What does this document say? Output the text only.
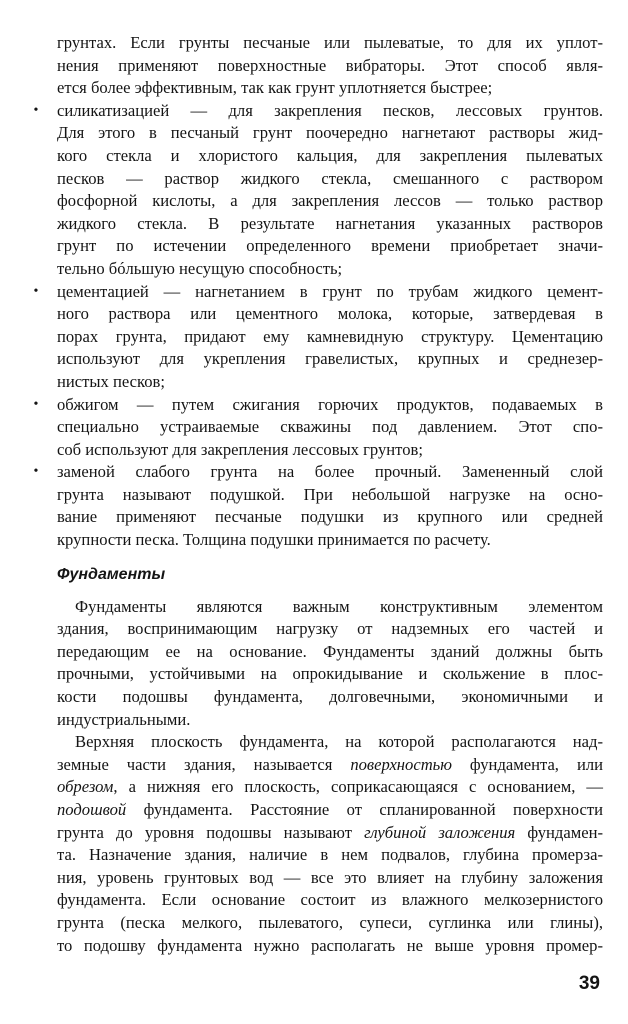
грунтах. Если грунты песчаные или пылеватые, то для их уплот-
нения применяют поверхностные вибраторы. Этот способ явля-
ется более эффективным, так как грунт уплотняется быстрее;
• силикатизацией — для закрепления песков, лессовых грунтов.
Для этого в песчаный грунт поочередно нагнетают растворы жид-
кого стекла и хлористого кальция, для закрепления пылеватых
песков — раствор жидкого стекла, смешанного с раствором
фосфорной кислоты, а для закрепления лессов — только раствор
жидкого стекла. В результате нагнетания указанных растворов
грунт по истечении определенного времени приобретает значи-
тельно бóльшую несущую способность;
• цементацией — нагнетанием в грунт по трубам жидкого цемент-
ного раствора или цементного молока, которые, затвердевая в
порах грунта, придают ему камневидную структуру. Цементацию
используют для укрепления гравелистых, крупных и среднезер-
нистых песков;
• обжигом — путем сжигания горючих продуктов, подаваемых в
специально устраиваемые скважины под давлением. Этот спо-
соб используют для закрепления лессовых грунтов;
• заменой слабого грунта на более прочный. Замененный слой
грунта называют подушкой. При небольшой нагрузке на осно-
вание применяют песчаные подушки из крупного или средней
крупности песка. Толщина подушки принимается по расчету.
Фундаменты
Фундаменты являются важным конструктивным элементом
здания, воспринимающим нагрузку от надземных его частей и
передающим ее на основание. Фундаменты зданий должны быть
прочными, устойчивыми на опрокидывание и скольжение в плос-
кости подошвы фундамента, долговечными, экономичными и
индустриальными.
Верхняя плоскость фундамента, на которой располагаются над-
земные части здания, называется поверхностью фундамента, или
обрезом, а нижняя его плоскость, соприкасающаяся с основанием, —
подошвой фундамента. Расстояние от спланированной поверхности
грунта до уровня подошвы называют глубиной заложения фундамен-
та. Назначение здания, наличие в нем подвалов, глубина промерза-
ния, уровень грунтовых вод — все это влияет на глубину заложения
фундамента. Если основание состоит из влажного мелкозернистого
грунта (песка мелкого, пылеватого, супеси, суглинка или глины),
то подошву фундамента нужно располагать не выше уровня промер-
39
